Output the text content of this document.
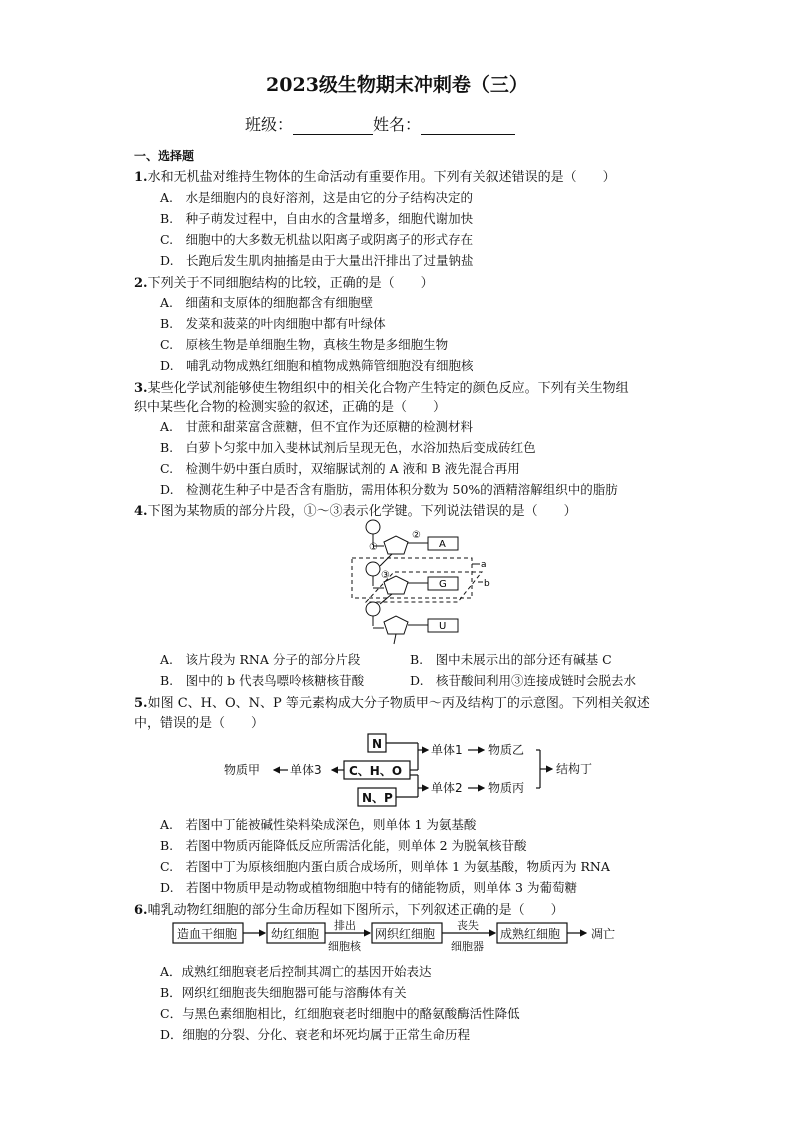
2023级生物期末冲刺卷（三）
班级：	姓名：
一、选择题
1.水和无机盐对维持生物体的生命活动有重要作用。下列有关叙述错误的是（　　）
A.　水是细胞内的良好溶剂，这是由它的分子结构决定的
B.　种子萌发过程中，自由水的含量增多，细胞代谢加快
C.　细胞中的大多数无机盐以阳离子或阴离子的形式存在
D.　长跑后发生肌肉抽搐是由于大量出汗排出了过量钠盐
2.下列关于不同细胞结构的比较，正确的是（　　）
A.　细菌和支原体的细胞都含有细胞壁
B.　发菜和菠菜的叶肉细胞中都有叶绿体
C.　原核生物是单细胞生物，真核生物是多细胞生物
D.　哺乳动物成熟红细胞和植物成熟筛管细胞没有细胞核
3.某些化学试剂能够使生物组织中的相关化合物产生特定的颜色反应。下列有关生物组
织中某些化合物的检测实验的叙述，正确的是（　　）
A.　甘蔗和甜菜富含蔗糖，但不宜作为还原糖的检测材料
B.　白萝卜匀浆中加入斐林试剂后呈现无色，水浴加热后变成砖红色
C.　检测牛奶中蛋白质时，双缩脲试剂的 A 液和 B 液先混合再用
D.　检测花生种子中是否含有脂肪，需用体积分数为 50%的酒精溶解组织中的脂肪
4.下图为某物质的部分片段，①～③表示化学键。下列说法错误的是（　　）
①
②
③
A
G
U
a
b
A.　该片段为 RNA 分子的部分片段	B.　图中未展示出的部分还有碱基 C
B.　图中的 b 代表鸟嘌呤核糖核苷酸	D.　核苷酸间利用③连接成链时会脱去水
5.如图 C、H、O、N、P 等元素构成大分子物质甲～丙及结构丁的示意图。下列相关叙述
中，错误的是（　　）
N
C、H、O
N、P
单体1
单体2
单体3
物质乙
物质丙
物质甲	结构丁
A.　若图中丁能被碱性染料染成深色，则单体 1 为氨基酸
B.　若图中物质丙能降低反应所需活化能，则单体 2 为脱氧核苷酸
C.　若图中丁为原核细胞内蛋白质合成场所，则单体 1 为氨基酸，物质丙为 RNA
D.　若图中物质甲是动物或植物细胞中特有的储能物质，则单体 3 为葡萄糖
6.哺乳动物红细胞的部分生命历程如下图所示，下列叙述正确的是（　　）
造血干细胞	幼红细胞	网织红细胞	成熟红细胞	凋亡
排出
细胞核
丧失
细胞器
A．成熟红细胞衰老后控制其凋亡的基因开始表达
B．网织红细胞丧失细胞器可能与溶酶体有关
C．与黑色素细胞相比，红细胞衰老时细胞中的酪氨酸酶活性降低
D．细胞的分裂、分化、衰老和坏死均属于正常生命历程
